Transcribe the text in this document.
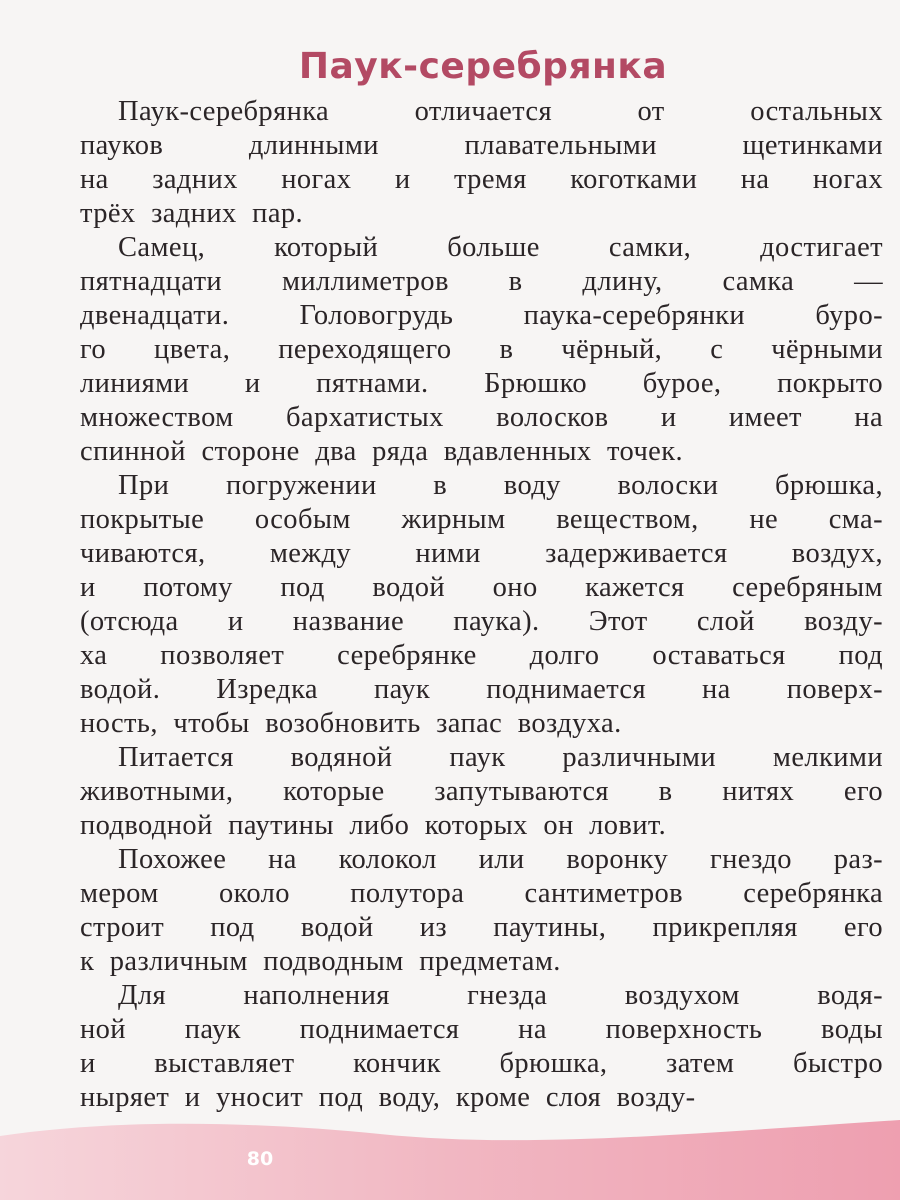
Паук-серебрянка
Паук-серебрянка отличается от остальных
пауков длинными плавательными щетинками
на задних ногах и тремя коготками на ногах
трёх задних пар.
Самец, который больше самки, достигает
пятнадцати миллиметров в длину, самка —
двенадцати. Головогрудь паука-серебрянки буро-
го цвета, переходящего в чёрный, с чёрными
линиями и пятнами. Брюшко бурое, покрыто
множеством бархатистых волосков и имеет на
спинной стороне два ряда вдавленных точек.
При погружении в воду волоски брюшка,
покрытые особым жирным веществом, не сма-
чиваются, между ними задерживается воздух,
и потому под водой оно кажется серебряным
(отсюда и название паука). Этот слой возду-
ха позволяет серебрянке долго оставаться под
водой. Изредка паук поднимается на поверх-
ность, чтобы возобновить запас воздуха.
Питается водяной паук различными мелкими
животными, которые запутываются в нитях его
подводной паутины либо которых он ловит.
Похожее на колокол или воронку гнездо раз-
мером около полутора сантиметров серебрянка
строит под водой из паутины, прикрепляя его
к различным подводным предметам.
Для наполнения гнезда воздухом водя-
ной паук поднимается на поверхность воды
и выставляет кончик брюшка, затем быстро
ныряет и уносит под воду, кроме слоя возду-
80
